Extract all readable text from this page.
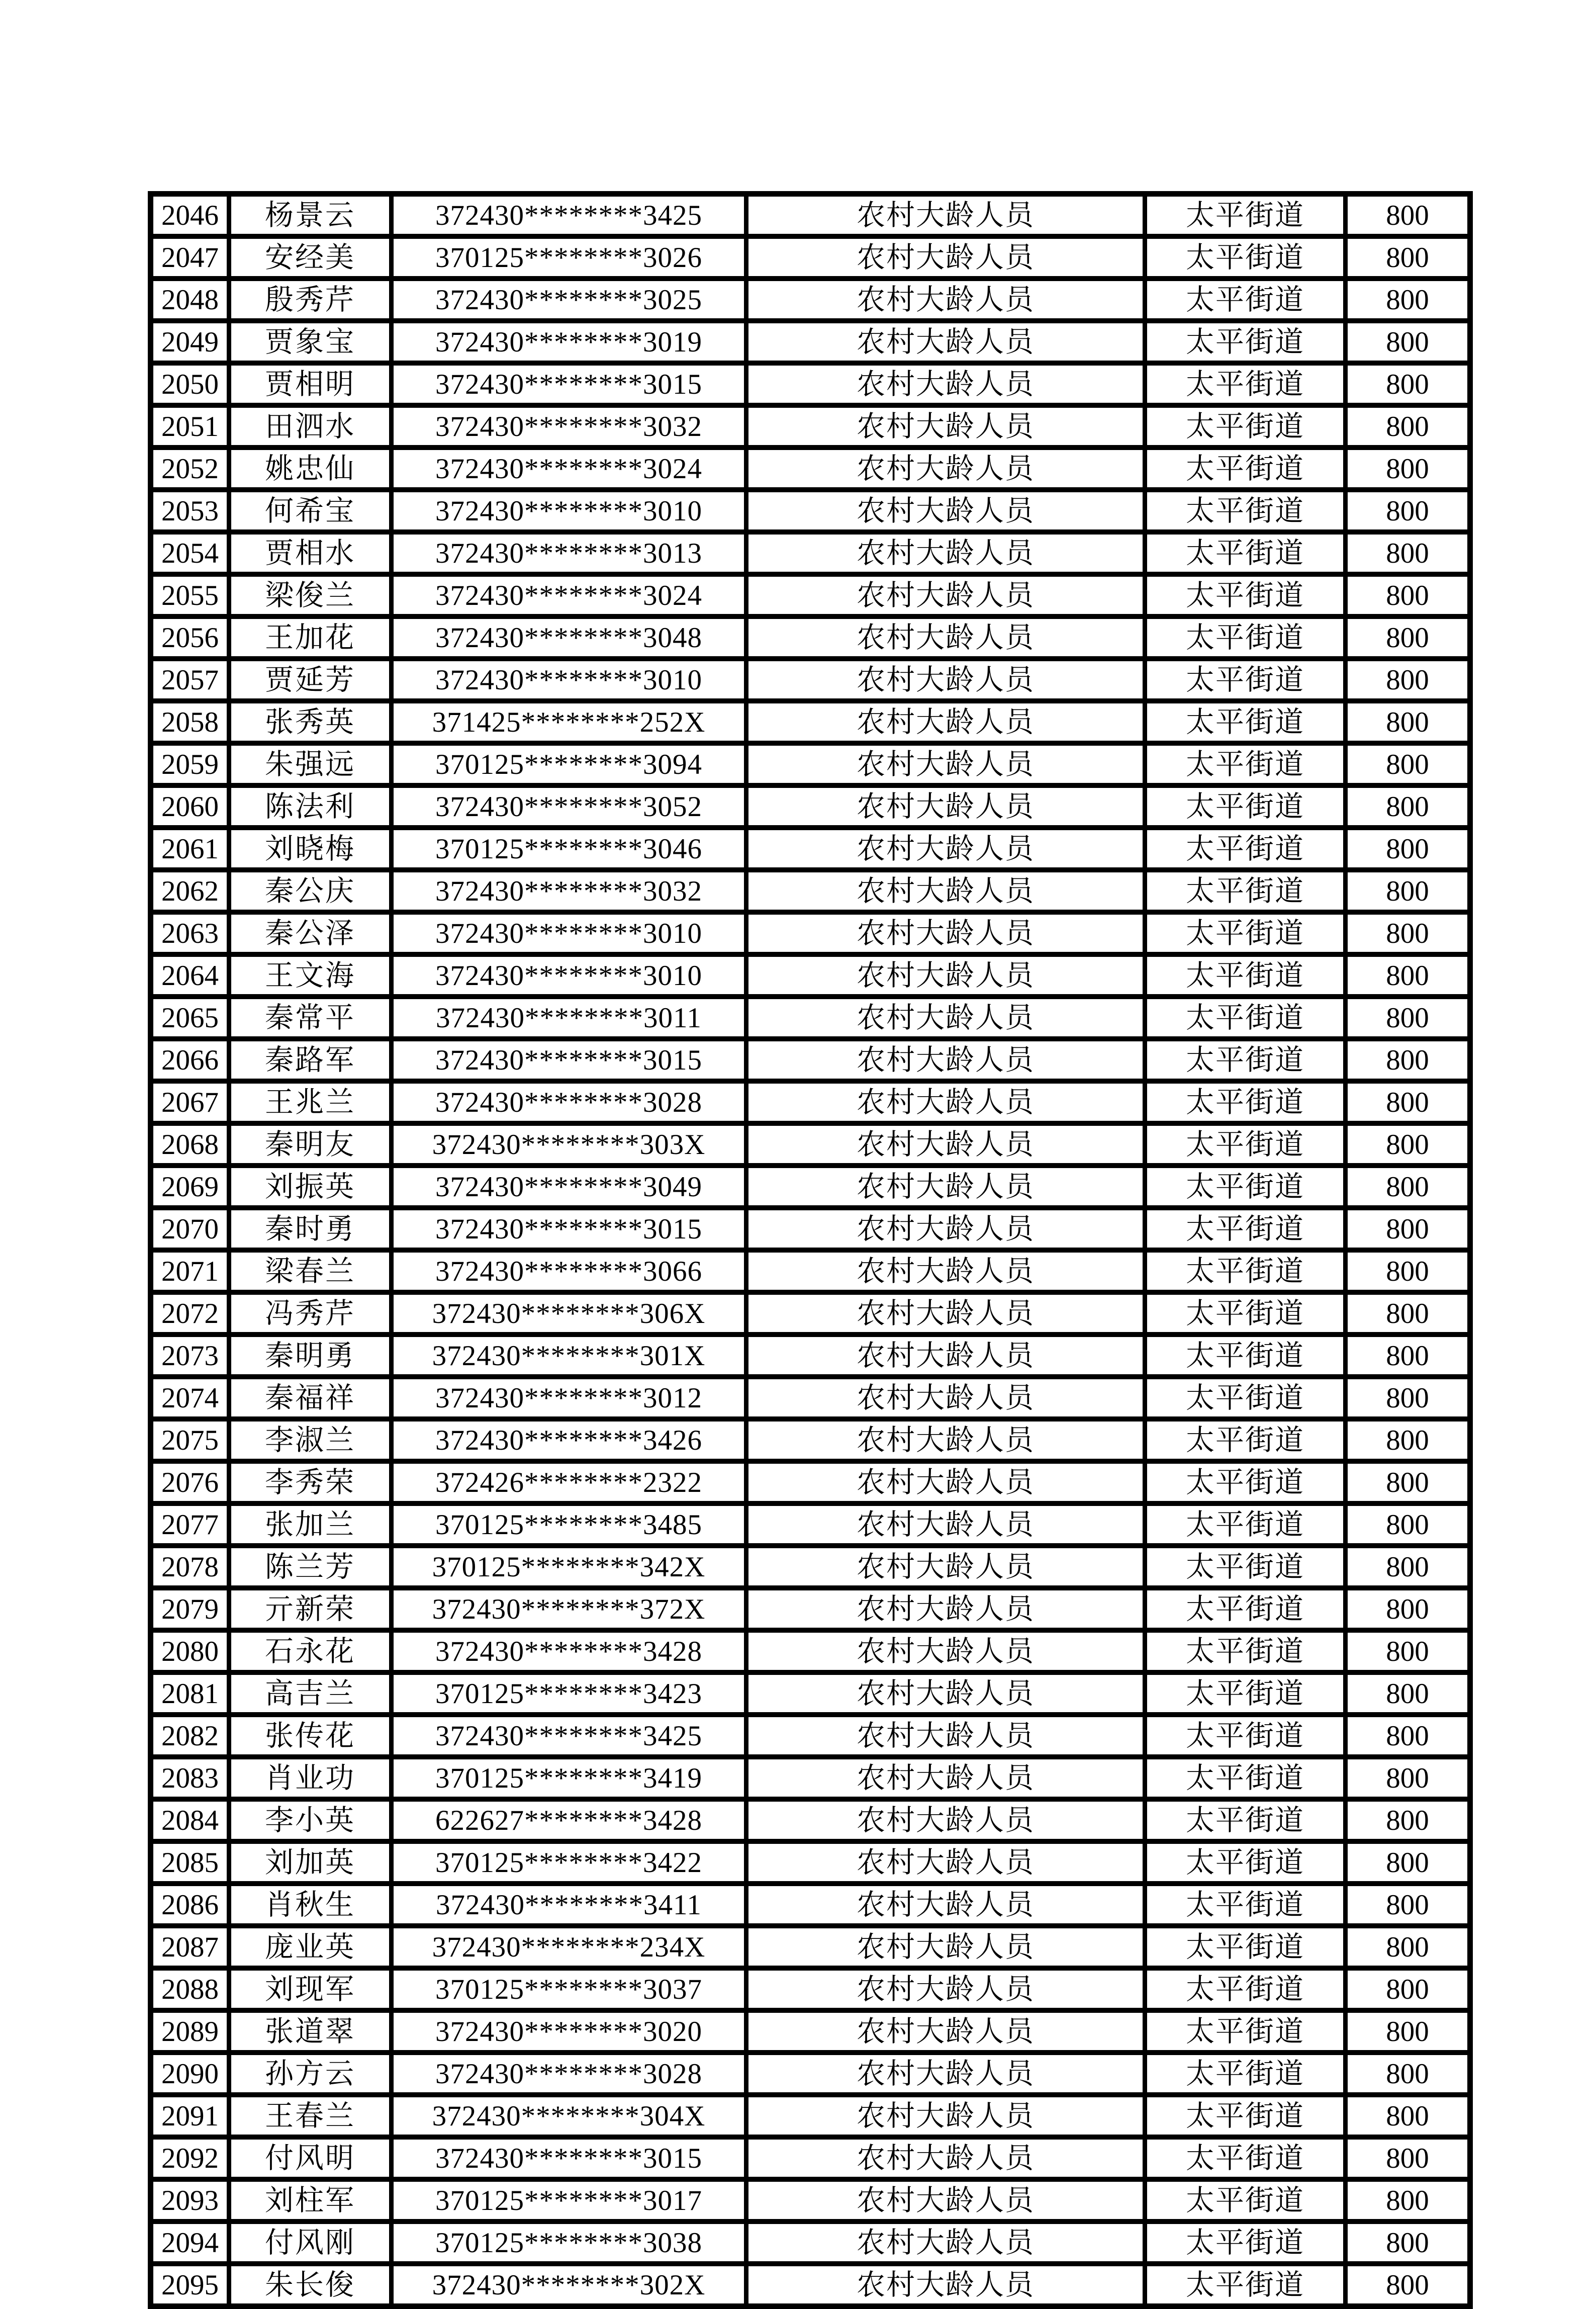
2046	杨景云	372430********3425	农村大龄人员	太平街道	800
2047	安经美	370125********3026	农村大龄人员	太平街道	800
2048	殷秀芹	372430********3025	农村大龄人员	太平街道	800
2049	贾象宝	372430********3019	农村大龄人员	太平街道	800
2050	贾相明	372430********3015	农村大龄人员	太平街道	800
2051	田泗水	372430********3032	农村大龄人员	太平街道	800
2052	姚忠仙	372430********3024	农村大龄人员	太平街道	800
2053	何希宝	372430********3010	农村大龄人员	太平街道	800
2054	贾相水	372430********3013	农村大龄人员	太平街道	800
2055	梁俊兰	372430********3024	农村大龄人员	太平街道	800
2056	王加花	372430********3048	农村大龄人员	太平街道	800
2057	贾延芳	372430********3010	农村大龄人员	太平街道	800
2058	张秀英	371425********252X	农村大龄人员	太平街道	800
2059	朱强远	370125********3094	农村大龄人员	太平街道	800
2060	陈法利	372430********3052	农村大龄人员	太平街道	800
2061	刘晓梅	370125********3046	农村大龄人员	太平街道	800
2062	秦公庆	372430********3032	农村大龄人员	太平街道	800
2063	秦公泽	372430********3010	农村大龄人员	太平街道	800
2064	王文海	372430********3010	农村大龄人员	太平街道	800
2065	秦常平	372430********3011	农村大龄人员	太平街道	800
2066	秦路军	372430********3015	农村大龄人员	太平街道	800
2067	王兆兰	372430********3028	农村大龄人员	太平街道	800
2068	秦明友	372430********303X	农村大龄人员	太平街道	800
2069	刘振英	372430********3049	农村大龄人员	太平街道	800
2070	秦时勇	372430********3015	农村大龄人员	太平街道	800
2071	梁春兰	372430********3066	农村大龄人员	太平街道	800
2072	冯秀芹	372430********306X	农村大龄人员	太平街道	800
2073	秦明勇	372430********301X	农村大龄人员	太平街道	800
2074	秦福祥	372430********3012	农村大龄人员	太平街道	800
2075	李淑兰	372430********3426	农村大龄人员	太平街道	800
2076	李秀荣	372426********2322	农村大龄人员	太平街道	800
2077	张加兰	370125********3485	农村大龄人员	太平街道	800
2078	陈兰芳	370125********342X	农村大龄人员	太平街道	800
2079	亓新荣	372430********372X	农村大龄人员	太平街道	800
2080	石永花	372430********3428	农村大龄人员	太平街道	800
2081	高吉兰	370125********3423	农村大龄人员	太平街道	800
2082	张传花	372430********3425	农村大龄人员	太平街道	800
2083	肖业功	370125********3419	农村大龄人员	太平街道	800
2084	李小英	622627********3428	农村大龄人员	太平街道	800
2085	刘加英	370125********3422	农村大龄人员	太平街道	800
2086	肖秋生	372430********3411	农村大龄人员	太平街道	800
2087	庞业英	372430********234X	农村大龄人员	太平街道	800
2088	刘现军	370125********3037	农村大龄人员	太平街道	800
2089	张道翠	372430********3020	农村大龄人员	太平街道	800
2090	孙方云	372430********3028	农村大龄人员	太平街道	800
2091	王春兰	372430********304X	农村大龄人员	太平街道	800
2092	付风明	372430********3015	农村大龄人员	太平街道	800
2093	刘柱军	370125********3017	农村大龄人员	太平街道	800
2094	付风刚	370125********3038	农村大龄人员	太平街道	800
2095	朱长俊	372430********302X	农村大龄人员	太平街道	800
